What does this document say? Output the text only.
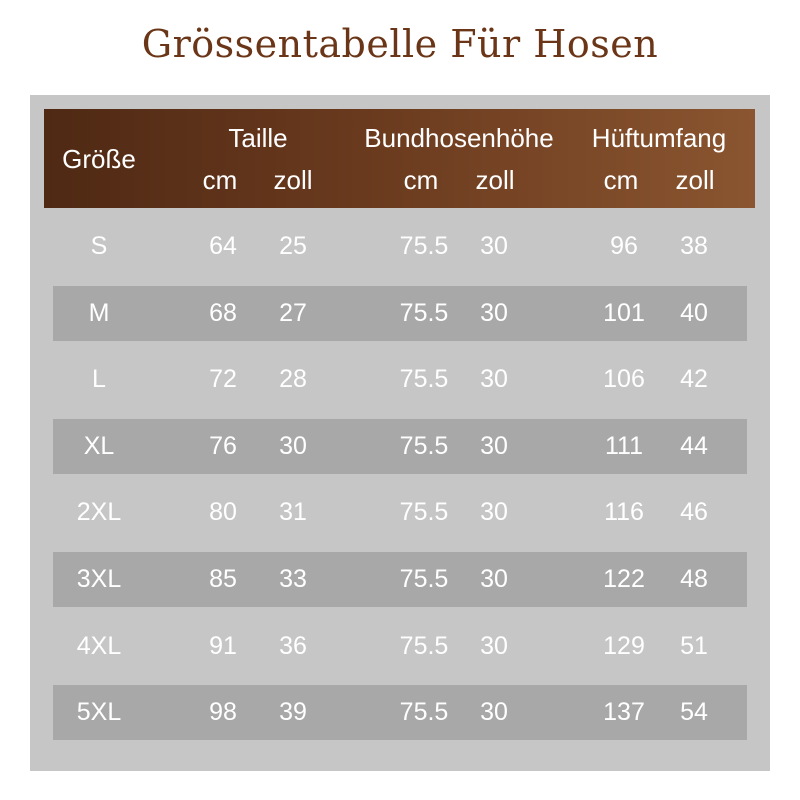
Grössentabelle Für Hosen
Größe
Taille	Bundhosenhöhe Hüftumfang
cm zoll	cm zoll	cm zoll
S	64 25	75.5 30	96 38
M	68 27	75.5 30	101 40
L	72 28	75.5 30	106 42
XL	76 30	75.5 30	111 44
2XL	80 31	75.5 30	116 46
3XL	85 33	75.5 30	122 48
4XL	91 36	75.5 30	129 51
5XL	98 39	75.5 30	137 54
